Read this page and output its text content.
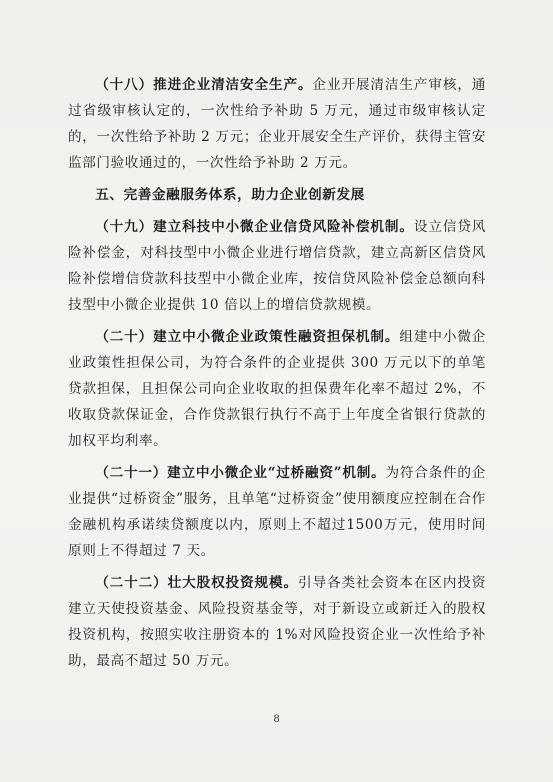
（十八）推进企业清洁安全生产。企业开展清洁生产审核，通过省级审核认定的，一次性给予补助 5 万元，通过市级审核认定的，一次性给予补助 2 万元；企业开展安全生产评价，获得主管安监部门验收通过的，一次性给予补助 2 万元。

五、完善金融服务体系，助力企业创新发展

（十九）建立科技中小微企业信贷风险补偿机制。设立信贷风险补偿金，对科技型中小微企业进行增信贷款，建立高新区信贷风险补偿增信贷款科技型中小微企业库，按信贷风险补偿金总额向科技型中小微企业提供 10 倍以上的增信贷款规模。

（二十）建立中小微企业政策性融资担保机制。组建中小微企业政策性担保公司，为符合条件的企业提供 300 万元以下的单笔贷款担保，且担保公司向企业收取的担保费年化率不超过 2%，不收取贷款保证金，合作贷款银行执行不高于上年度全省银行贷款的加权平均利率。

（二十一）建立中小微企业“过桥融资”机制。为符合条件的企业提供“过桥资金”服务，且单笔“过桥资金”使用额度应控制在合作金融机构承诺续贷额度以内，原则上不超过1500万元，使用时间原则上不得超过 7 天。

（二十二）壮大股权投资规模。引导各类社会资本在区内投资建立天使投资基金、风险投资基金等，对于新设立或新迁入的股权投资机构，按照实收注册资本的 1%对风险投资企业一次性给予补助，最高不超过 50 万元。

8
